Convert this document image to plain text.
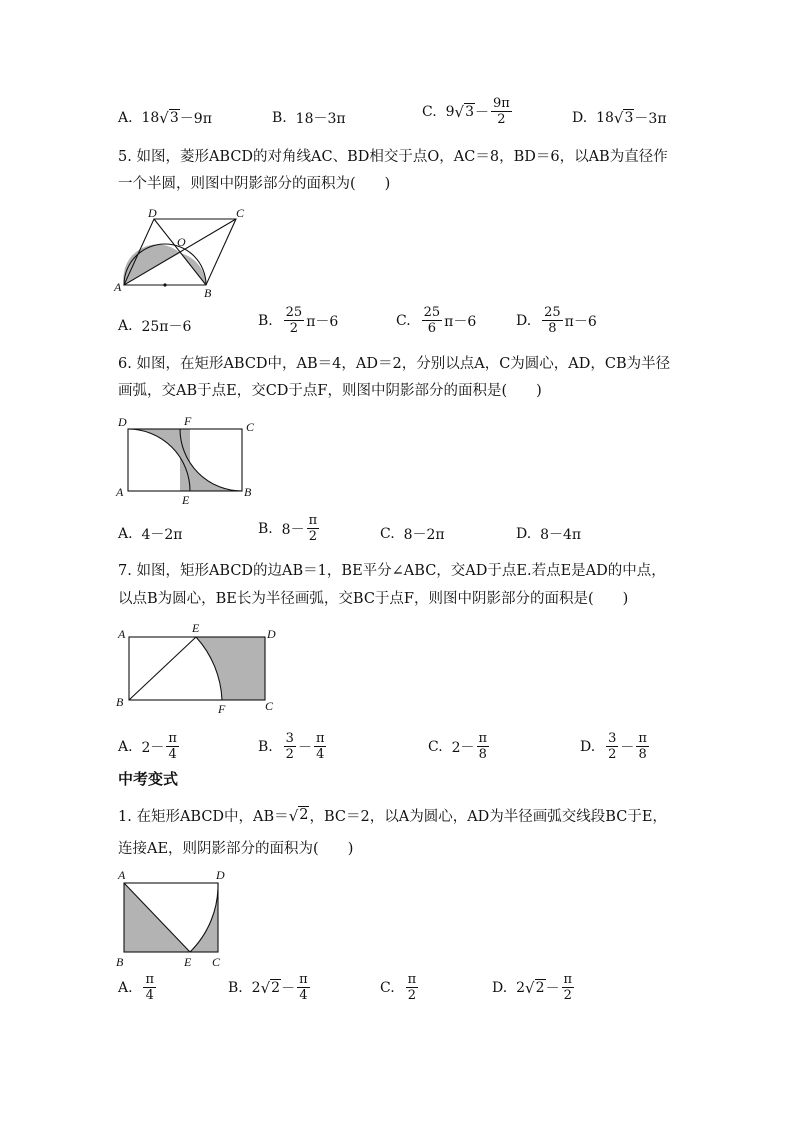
A.
18 √ 3 －9π	B.
18－3π	C.
9 √ $3 - \frac{9\pi}{2}$	D.
18 √ 3 －3π
5. 如图，菱形ABCD的对角线AC、BD相交于点O，AC＝8，BD＝6，以AB为直径作
一个半圆，则图中阴影部分的面积为(　　)
D	C
O
A	B
A.
25π－6	B.
$\frac{25}{2} \pi-6$	C.
$\frac{25}{6} \pi-6$	D.
$\frac{25}{8} \pi-6$
6. 如图，在矩形ABCD中，AB＝4，AD＝2，分别以点A，C为圆心，AD，CB为半径
画弧，交AB于点E，交CD于点F，则图中阴影部分的面积是(　　)
D	F	C
A
E
B
A.
4－2π	B.
$8- \frac{\pi}{2}$	C.
8－2π	D.
8－4π
7. 如图，矩形ABCD的边AB＝1，BE平分∠ABC，交AD于点E.若点E是AD的中点，
以点B为圆心，BE长为半径画弧，交BC于点F，则图中阴影部分的面积是(　　)
A	E	D
B	F	C
A.
$2- \frac{\pi}{4}$	B.
$\frac{3}{2} - \frac{\pi}{4}$	C.
$2- \frac{\pi}{8}$	D.
$\frac{3}{2} - \frac{\pi}{8}$
中考变式
1. 在矩形ABCD中，AB＝ √ 2 ，BC＝2，以A为圆心，AD为半径画弧交线段BC于E，
连接AE，则阴影部分的面积为(　　)
A	D
B	E C
A.
$\frac{\pi}{4}$	B.
2 √ $2 - \frac{\pi}{4}$	C.
$\frac{\pi}{2}$	D.
2 √ $2 - \frac{\pi}{2}$
